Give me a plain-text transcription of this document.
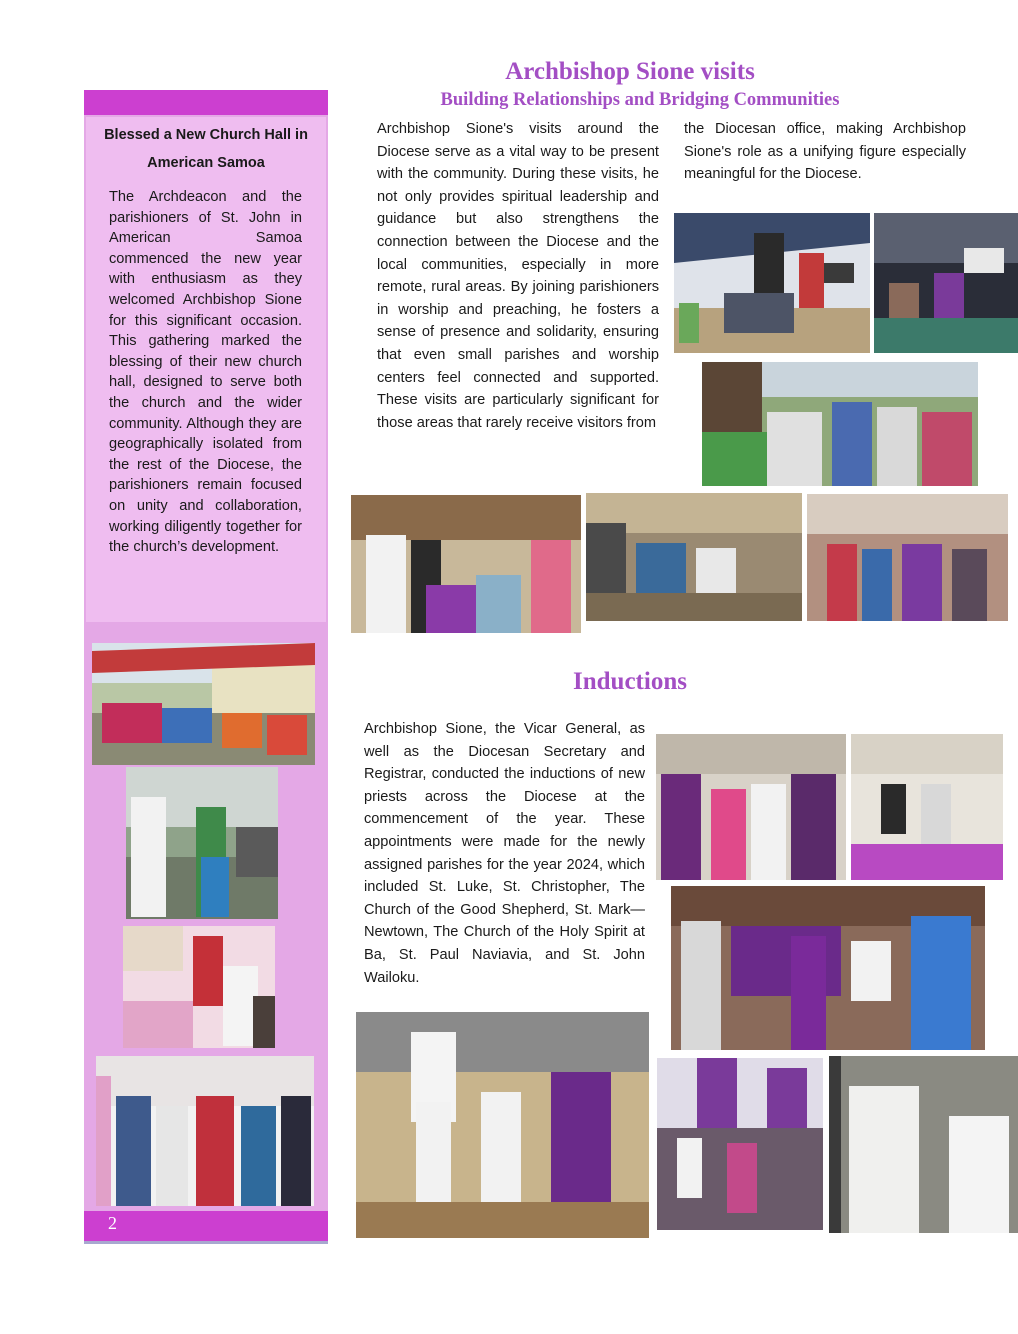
Blessed a New Church Hall in
American Samoa
The Archdeacon and the parishioners of St. John in American Samoa commenced the new year with enthusiasm as they welcomed Archbishop Sione for this significant occasion. This gathering marked the blessing of their new church hall, designed to serve both the church and the wider community. Although they are geographically isolated from the rest of the Diocese, the parishioners remain focused on unity and collaboration, working diligently together for the church’s development.
2
Archbishop Sione visits
Building Relationships and Bridging Communities
Archbishop Sione's visits around the Diocese serve as a vital way to be present with the community. During these visits, he not only provides spiritual leadership and guidance but also strengthens the connection between the Diocese and the local communities, especially in more remote, rural areas. By joining parishioners in worship and preaching, he fosters a sense of presence and solidarity, ensuring that even small parishes and worship centers feel connected and supported. These visits are particularly significant for those areas that rarely receive visitors from
the Diocesan office, making Archbishop Sione's role as a unifying figure especially meaningful for the Diocese.
Inductions
Archbishop Sione, the Vicar General, as well as the Diocesan Secretary and Registrar, conducted the inductions of new priests across the Diocese at the commencement of the year. These appointments were made for the newly assigned parishes for the year 2024, which included St. Luke, St. Christopher, The Church of the Good Shepherd, St. Mark—Newtown, The Church of the Holy Spirit at Ba, St. Paul Naviavia, and St. John Wailoku.
